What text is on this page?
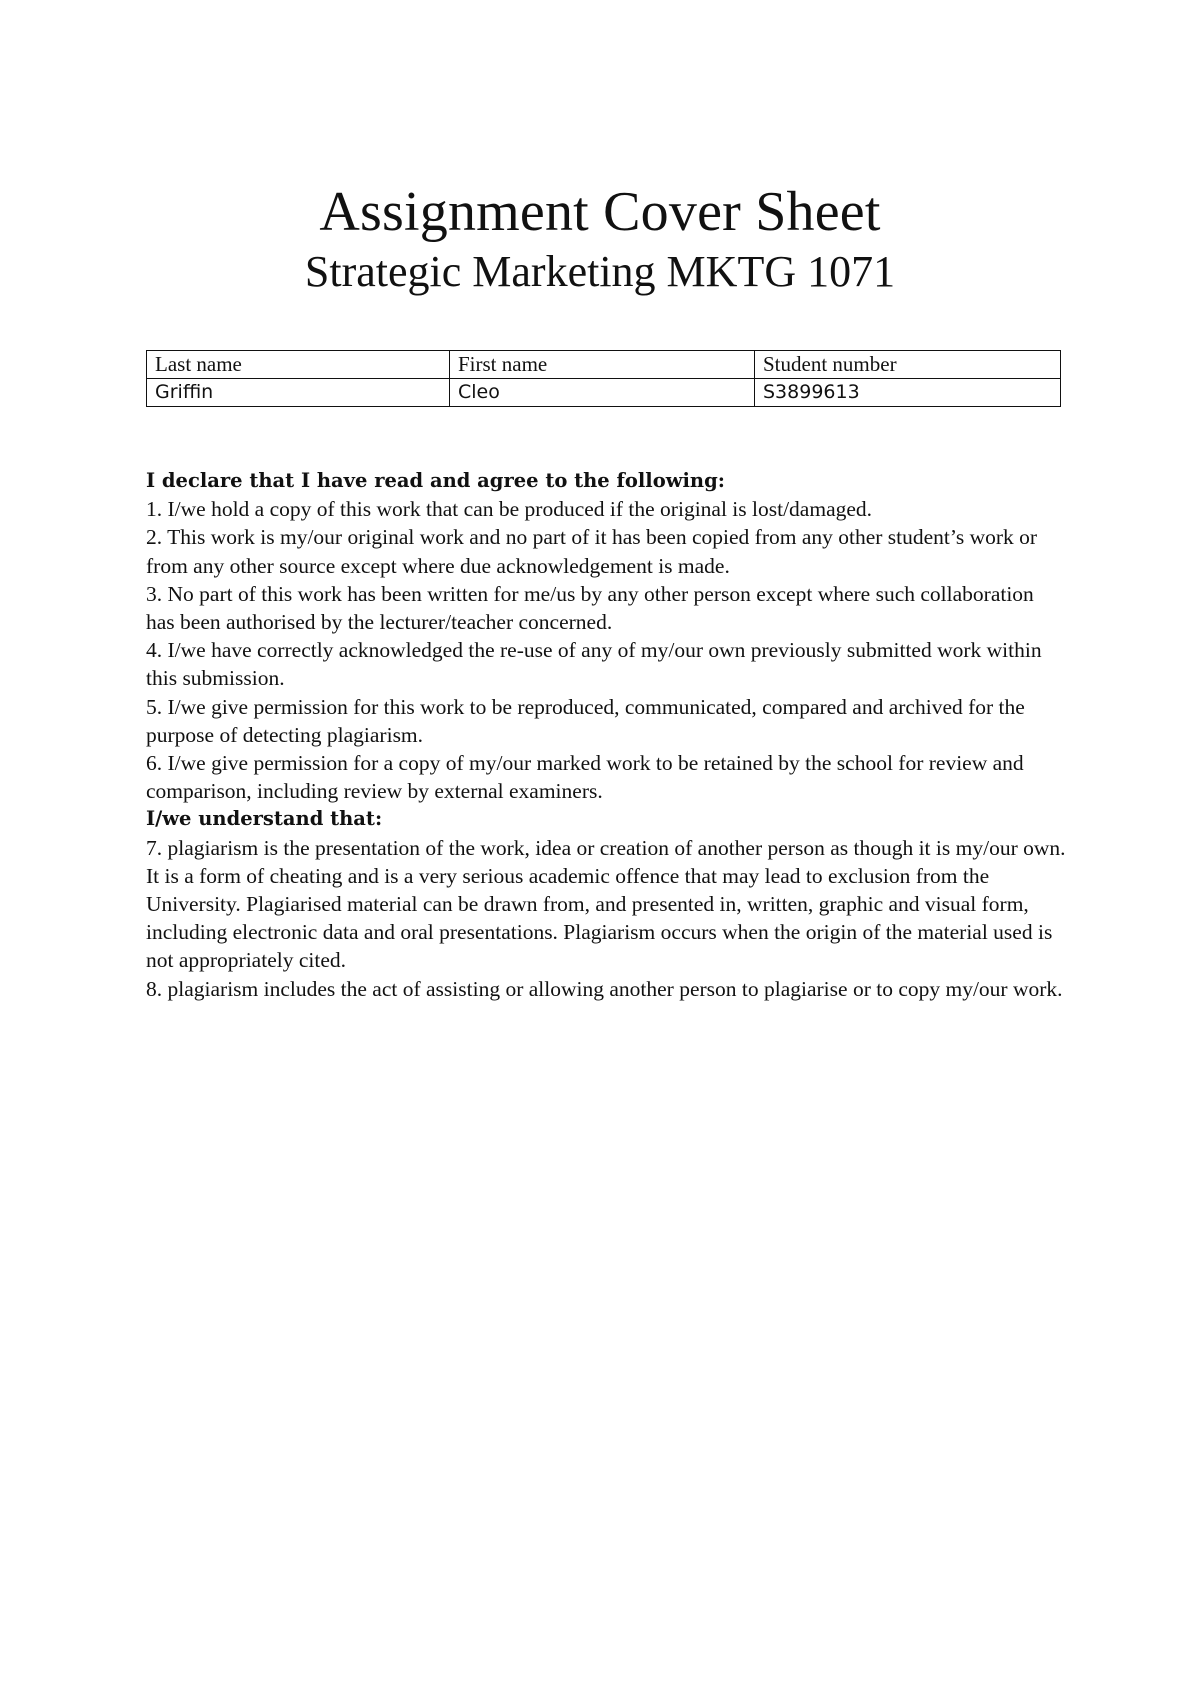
Assignment Cover Sheet
Strategic Marketing MKTG 1071
Last name	First name	Student number
Griffin	Cleo	S3899613

I declare that I have read and agree to the following:

1. I/we hold a copy of this work that can be produced if the original is lost/damaged.

2. This work is my/our original work and no part of it has been copied from any other student’s work or from any other source except where due acknowledgement is made.

3. No part of this work has been written for me/us by any other person except where such collaboration has been authorised by the lecturer/teacher concerned.

4. I/we have correctly acknowledged the re-use of any of my/our own previously submitted work within this submission.

5. I/we give permission for this work to be reproduced, communicated, compared and archived for the purpose of detecting plagiarism.

6. I/we give permission for a copy of my/our marked work to be retained by the school for review and comparison, including review by external examiners.

I/we understand that:

7. plagiarism is the presentation of the work, idea or creation of another person as though it is my/our own. It is a form of cheating and is a very serious academic offence that may lead to exclusion from the University. Plagiarised material can be drawn from, and presented in, written, graphic and visual form, including electronic data and oral presentations. Plagiarism occurs when the origin of the material used is not appropriately cited.

8. plagiarism includes the act of assisting or allowing another person to plagiarise or to copy my/our work.
